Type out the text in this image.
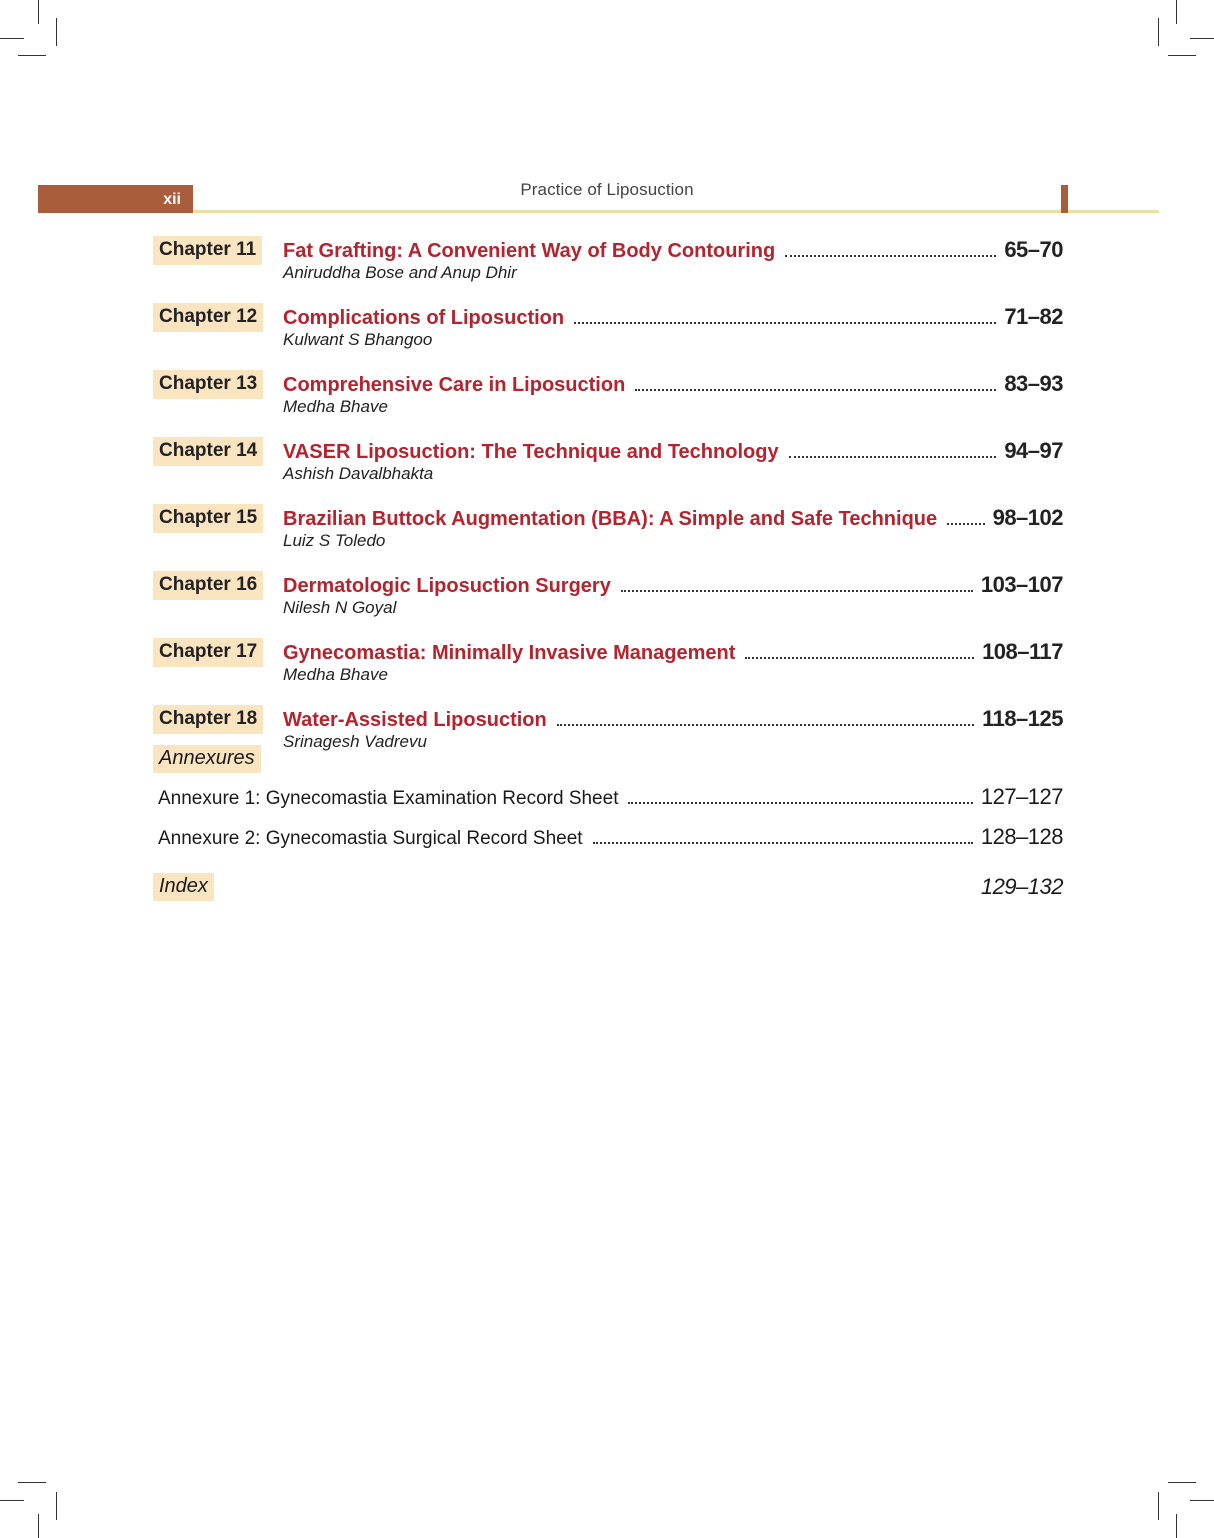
xii
Practice of Liposuction
Chapter 11	Fat Grafting: A Convenient Way of Body Contouring	65–70
Aniruddha Bose and Anup Dhir
Chapter 12	Complications of Liposuction	71–82
Kulwant S Bhangoo
Chapter 13	Comprehensive Care in Liposuction	83–93
Medha Bhave
Chapter 14	VASER Liposuction: The Technique and Technology	94–97
Ashish Davalbhakta
Chapter 15	Brazilian Buttock Augmentation (BBA): A Simple and Safe Technique	98–102
Luiz S Toledo
Chapter 16	Dermatologic Liposuction Surgery	103–107
Nilesh N Goyal
Chapter 17	Gynecomastia: Minimally Invasive Management	108–117
Medha Bhave
Chapter 18	Water-Assisted Liposuction	118–125
Srinagesh Vadrevu
Annexures
Annexure 1: Gynecomastia Examination Record Sheet	127–127
Annexure 2: Gynecomastia Surgical Record Sheet	128–128
Index	129–132
